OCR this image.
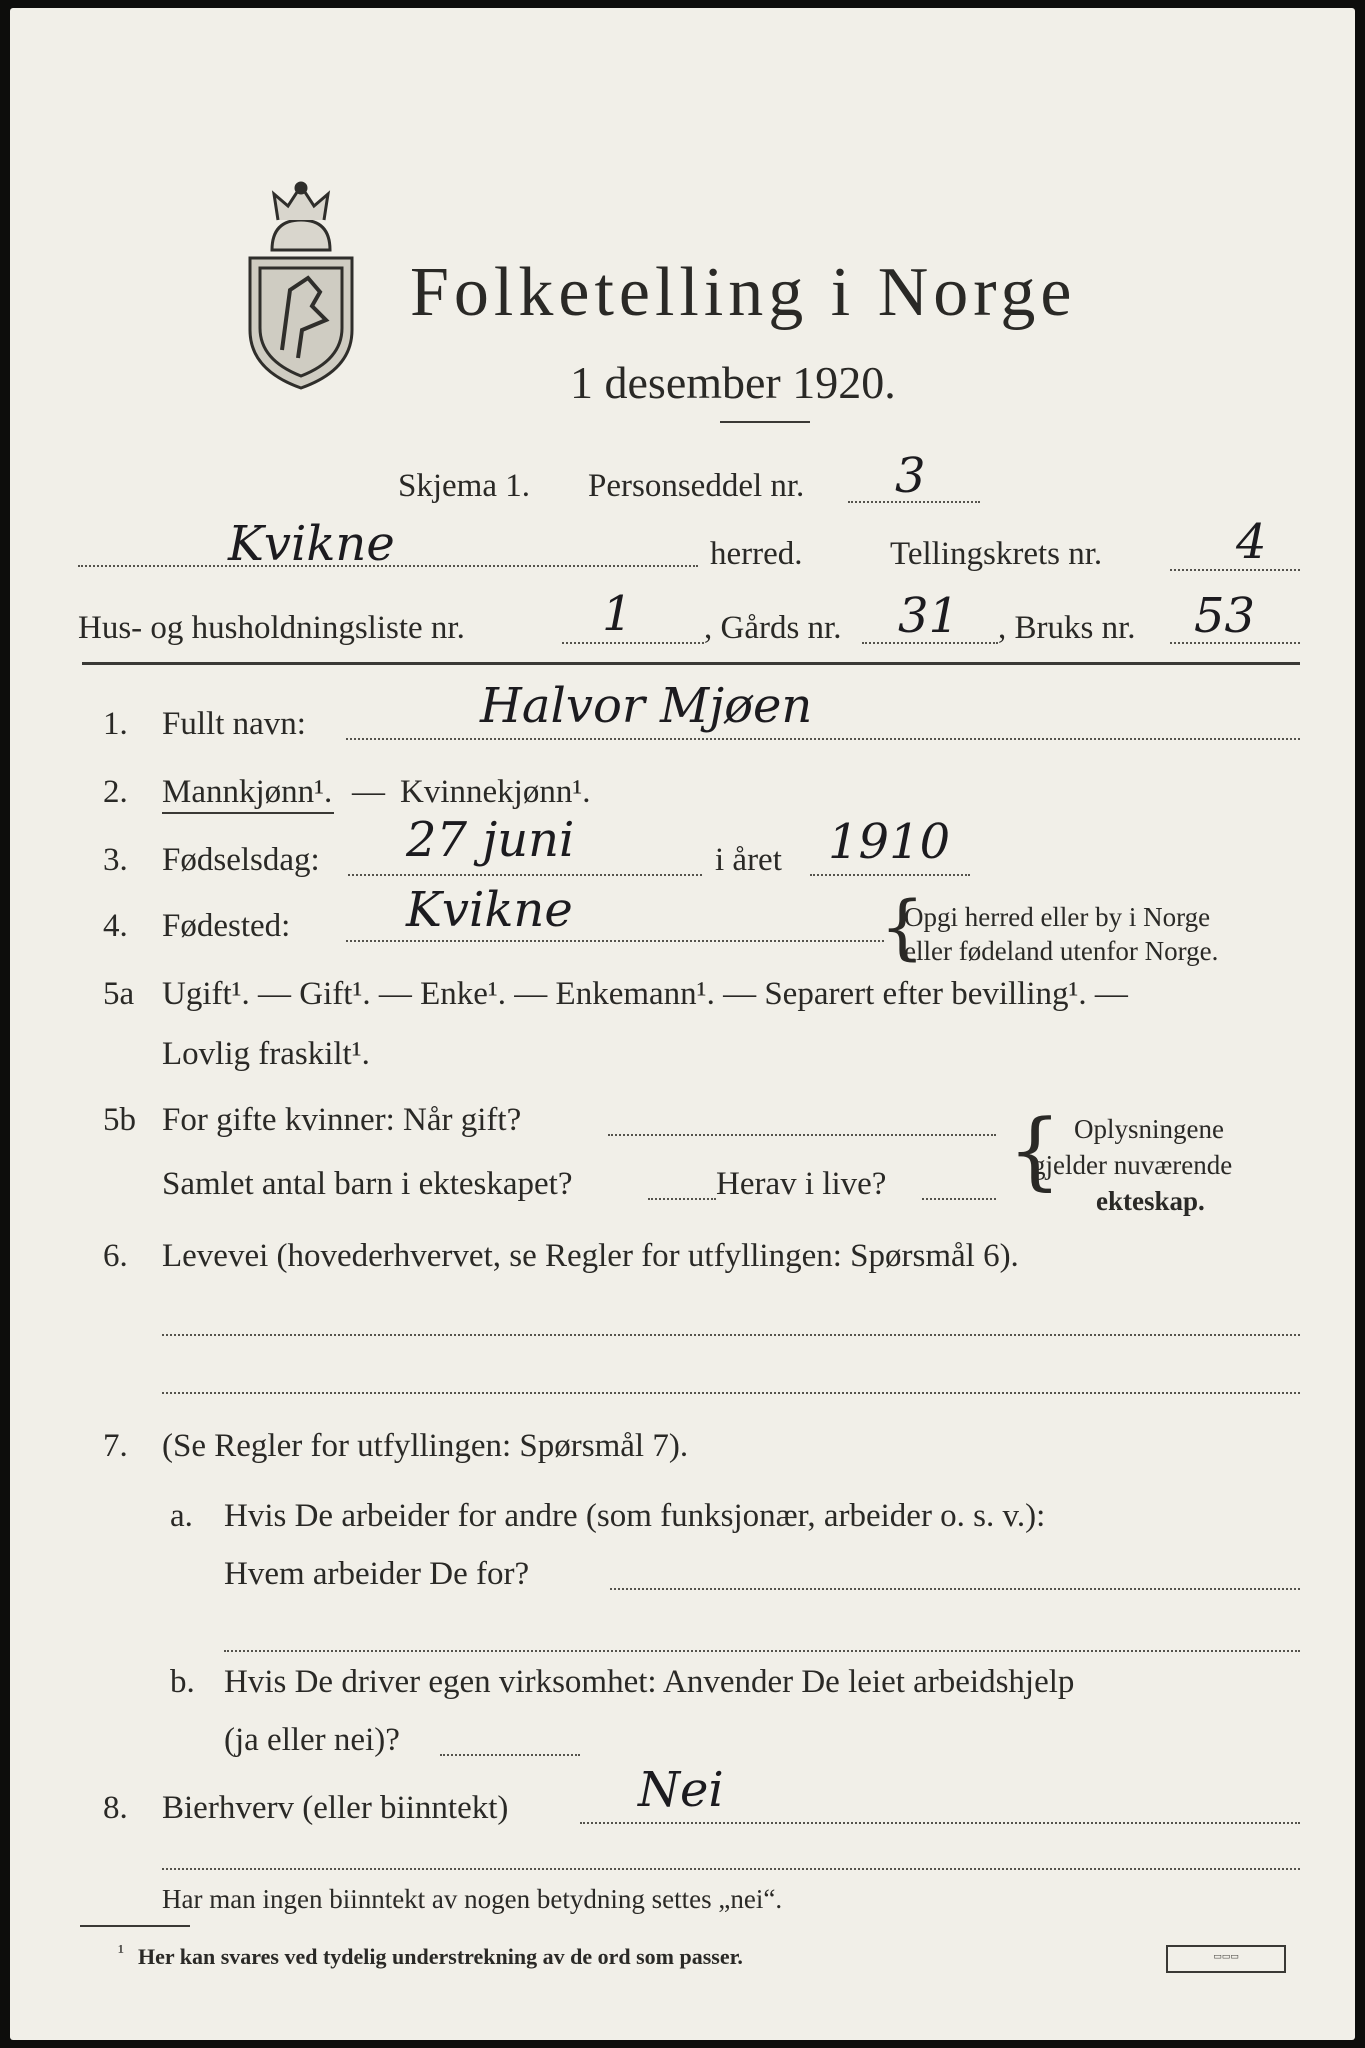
Folketelling i Norge
1 desember 1920.
Skjema 1. Personseddel nr. 3
Kvikne	herred.	Tellingskrets nr.	4
Hus- og husholdningsliste nr.	1 , Gårds nr. 31 , Bruks nr. 53
1. Fullt navn:	Halvor Mjøen
2. Mannkjønn¹. — Kvinnekjønn¹.
3. Fødselsdag: 27 juni	i året 1910
4. Fødested: Kvikne	{
Opgi herred eller by i Norge
eller fødeland utenfor Norge.
5a Ugift¹. — Gift¹. — Enke¹. — Enkemann¹. — Separert efter bevilling¹. —
Lovlig fraskilt¹.
5b For gifte kvinner: Når gift?
Samlet antal barn i ekteskapet?	Herav i live? { Oplysningene
gjelder nuværende
ekteskap.
6. Levevei (hovederhvervet, se Regler for utfyllingen: Spørsmål 6).
7. (Se Regler for utfyllingen: Spørsmål 7).
a. Hvis De arbeider for andre (som funksjonær, arbeider o. s. v.):
Hvem arbeider De for?
b. Hvis De driver egen virksomhet: Anvender De leiet arbeidshjelp
(ja eller nei)?
8. Bierhverv (eller biinntekt)	Nei
Har man ingen biinntekt av nogen betydning settes „nei“.
¹ Her kan svares ved tydelig understrekning av de ord som passer.	▭▭▭
